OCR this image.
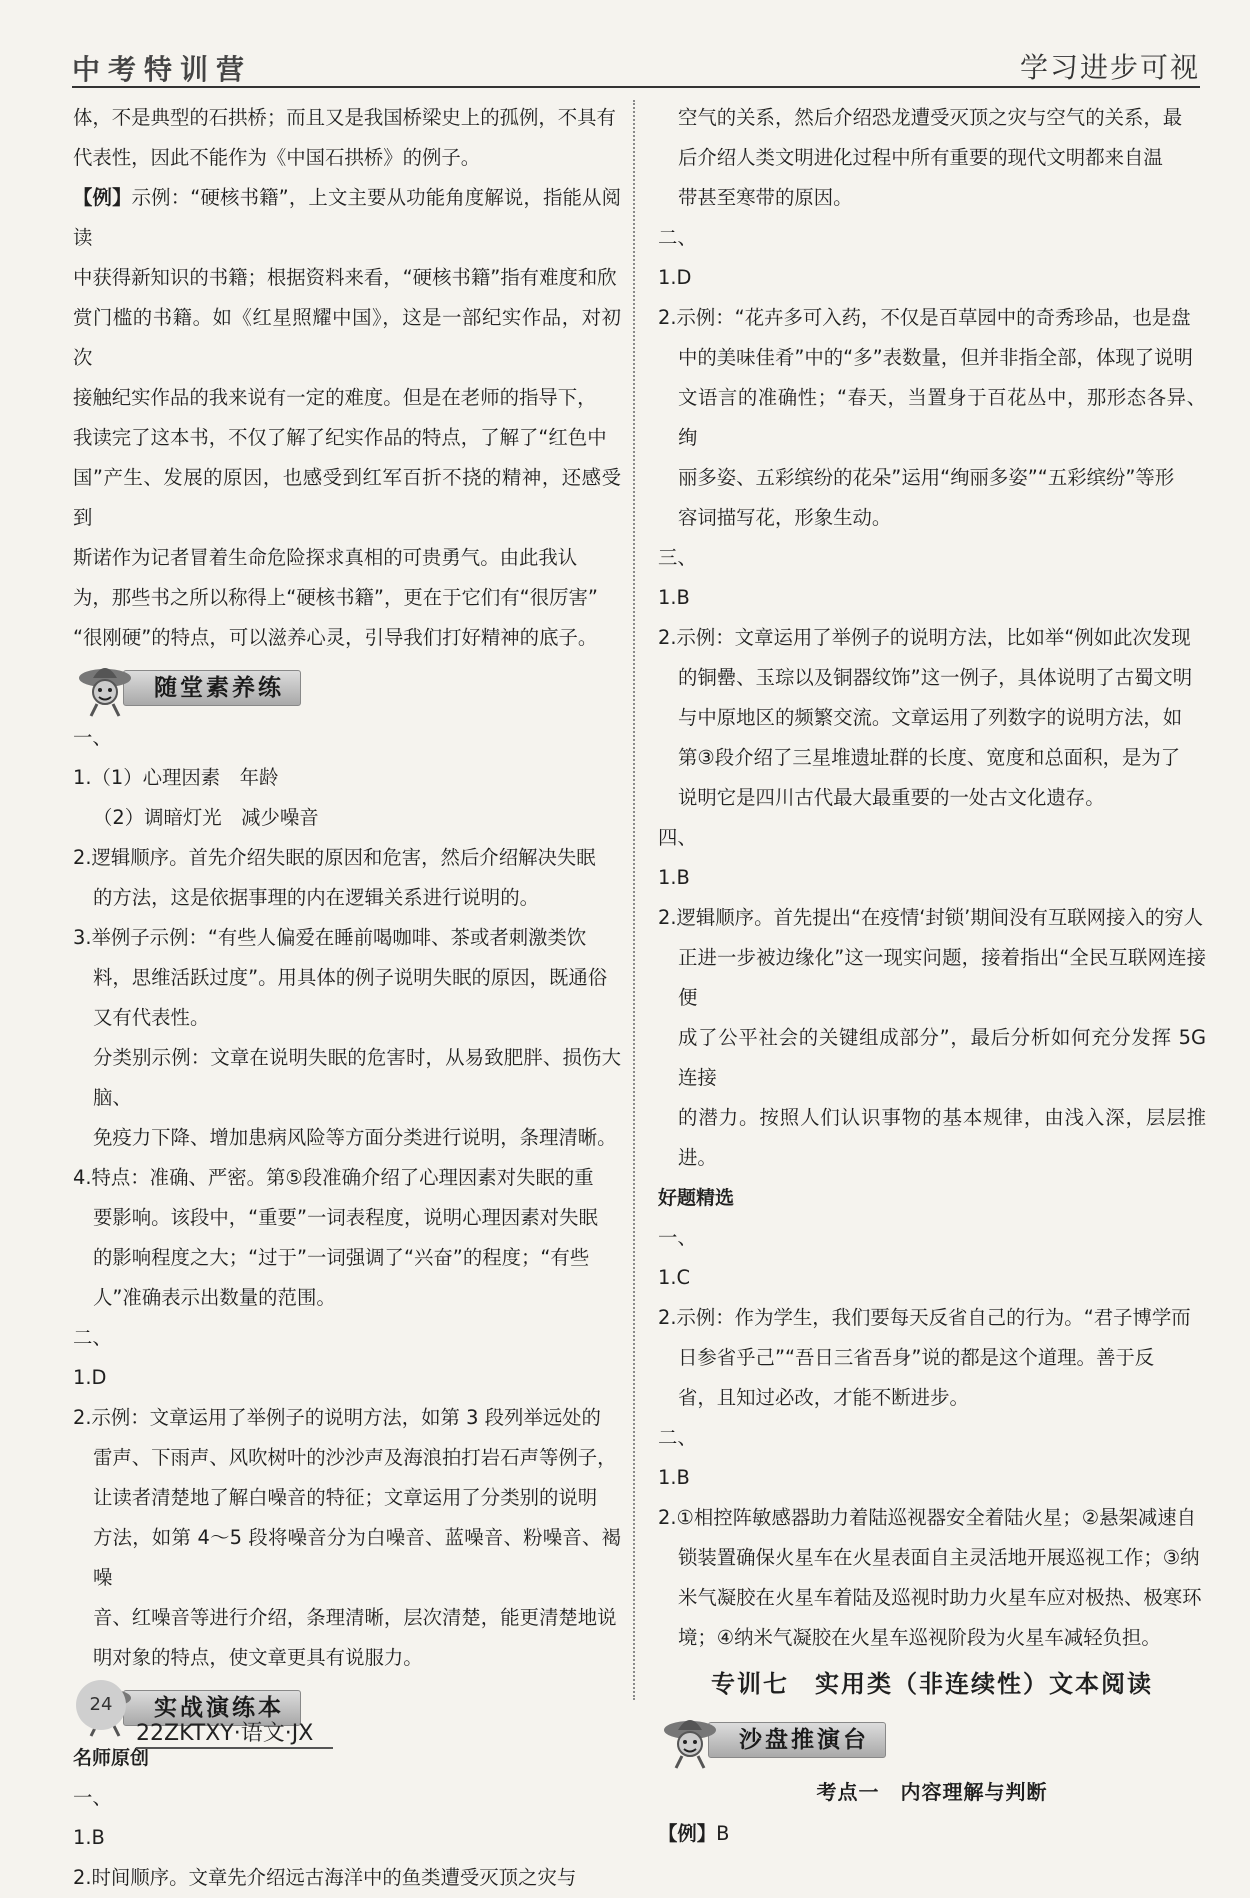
中考特训营	学习进步可视
体，不是典型的石拱桥；而且又是我国桥梁史上的孤例，不具有
代表性，因此不能作为《中国石拱桥》的例子。
【例】示例：“硬核书籍”，上文主要从功能角度解说，指能从阅读
中获得新知识的书籍；根据资料来看，“硬核书籍”指有难度和欣
赏门槛的书籍。如《红星照耀中国》，这是一部纪实作品，对初次
接触纪实作品的我来说有一定的难度。但是在老师的指导下，
我读完了这本书，不仅了解了纪实作品的特点，了解了“红色中
国”产生、发展的原因，也感受到红军百折不挠的精神，还感受到
斯诺作为记者冒着生命危险探求真相的可贵勇气。由此我认
为，那些书之所以称得上“硬核书籍”，更在于它们有“很厉害”
“很刚硬”的特点，可以滋养心灵，引导我们打好精神的底子。
随堂素养练
一、
1.（1）心理因素　年龄
（2）调暗灯光　减少噪音
2.逻辑顺序。首先介绍失眠的原因和危害，然后介绍解决失眠
的方法，这是依据事理的内在逻辑关系进行说明的。
3.举例子示例：“有些人偏爱在睡前喝咖啡、茶或者刺激类饮
料，思维活跃过度”。用具体的例子说明失眠的原因，既通俗
又有代表性。
分类别示例：文章在说明失眠的危害时，从易致肥胖、损伤大脑、
免疫力下降、增加患病风险等方面分类进行说明，条理清晰。
4.特点：准确、严密。第⑤段准确介绍了心理因素对失眠的重
要影响。该段中，“重要”一词表程度，说明心理因素对失眠
的影响程度之大；“过于”一词强调了“兴奋”的程度；“有些
人”准确表示出数量的范围。
二、
1.D
2.示例：文章运用了举例子的说明方法，如第 3 段列举远处的
雷声、下雨声、风吹树叶的沙沙声及海浪拍打岩石声等例子，
让读者清楚地了解白噪音的特征；文章运用了分类别的说明
方法，如第 4～5 段将噪音分为白噪音、蓝噪音、粉噪音、褐噪
音、红噪音等进行介绍，条理清晰，层次清楚，能更清楚地说
明对象的特点，使文章更具有说服力。
实战演练本
名师原创
一、
1.B
2.时间顺序。文章先介绍远古海洋中的鱼类遭受灭顶之灾与
空气的关系，然后介绍恐龙遭受灭顶之灾与空气的关系，最
后介绍人类文明进化过程中所有重要的现代文明都来自温
带甚至寒带的原因。
二、
1.D
2.示例：“花卉多可入药，不仅是百草园中的奇秀珍品，也是盘
中的美味佳肴”中的“多”表数量，但并非指全部，体现了说明
文语言的准确性；“春天，当置身于百花丛中，那形态各异、绚
丽多姿、五彩缤纷的花朵”运用“绚丽多姿”“五彩缤纷”等形
容词描写花，形象生动。
三、
1.B
2.示例：文章运用了举例子的说明方法，比如举“例如此次发现
的铜罍、玉琮以及铜器纹饰”这一例子，具体说明了古蜀文明
与中原地区的频繁交流。文章运用了列数字的说明方法，如
第③段介绍了三星堆遗址群的长度、宽度和总面积，是为了
说明它是四川古代最大最重要的一处古文化遗存。
四、
1.B
2.逻辑顺序。首先提出“在疫情‘封锁’期间没有互联网接入的穷人
正进一步被边缘化”这一现实问题，接着指出“全民互联网连接便
成了公平社会的关键组成部分”，最后分析如何充分发挥 5G 连接
的潜力。按照人们认识事物的基本规律，由浅入深，层层推进。
好题精选
一、
1.C
2.示例：作为学生，我们要每天反省自己的行为。“君子博学而
日参省乎己”“吾日三省吾身”说的都是这个道理。善于反
省，且知过必改，才能不断进步。
二、
1.B
2.①相控阵敏感器助力着陆巡视器安全着陆火星；②悬架减速自
锁装置确保火星车在火星表面自主灵活地开展巡视工作；③纳
米气凝胶在火星车着陆及巡视时助力火星车应对极热、极寒环
境；④纳米气凝胶在火星车巡视阶段为火星车减轻负担。
专训七　实用类（非连续性）文本阅读
沙盘推演台
考点一　内容理解与判断
【例】B
24
22ZKTXY·语文·JX
